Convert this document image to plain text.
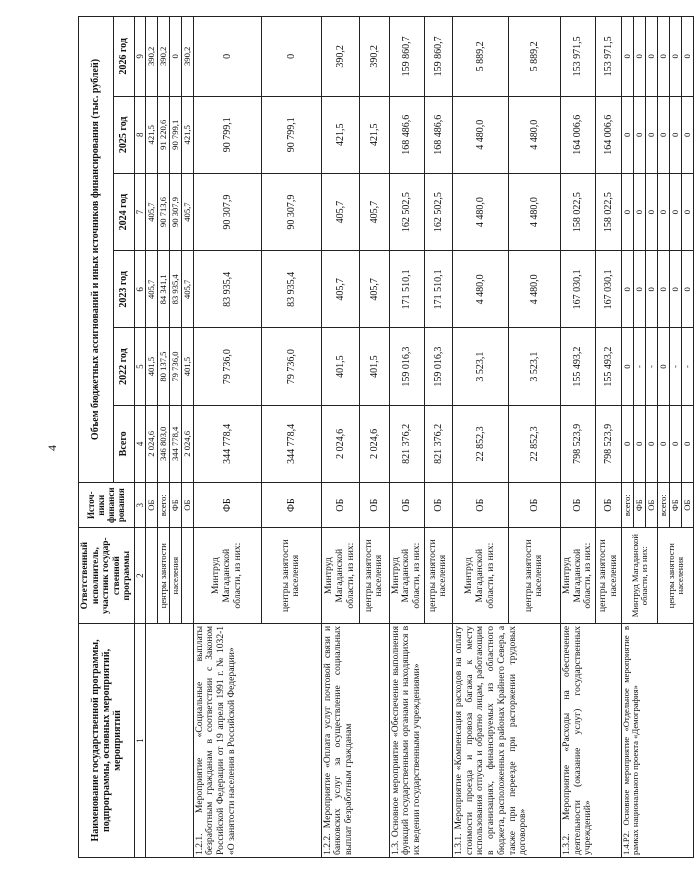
4
Наименование государственной программы, подпрограммы, основных мероприятий, мероприятий	Ответственный исполнитель, участник государ-ственной программы	Источ-ники финанси рования	Объем бюджетных ассигнований и иных источников финансирования (тыс. рублей)					
			Всего	2022 год	2023 год	2024 год	2025 год	2026 год
1	2	3	4	5	6	7	8	9
		ОБ	2 024,6	401,5	405,7	405,7	421,5	390,2
	центры занятости	всего:	346 803,0	80 137,5	84 341,1	90 713,6	91 220,6	390,2
	населения	ФБ	344 778,4	79 736,0	83 935,4	90 307,9	90 799,1	0
		ОБ	2 024,6	401,5	405,7	405,7	421,5	390,2
1.2.1. Мероприятие «Социальные выплаты безработным гражданам в соответствии с Законом Российской Федерации от 19 апреля 1991 г. № 1032-1 «О занятости населения в Российской Федерации»	Минтруд Магаданской области, из них:	ФБ	344 778,4	79 736,0	83 935,4	90 307,9	90 799,1	0
	центры занятости населения	ФБ	344 778,4	79 736,0	83 935,4	90 307,9	90 799,1	0
1.2.2. Мероприятие «Оплата услуг почтовой связи и банковских услуг за осуществление социальных выплат безработным гражданам	Минтруд Магаданской области, из них:	ОБ	2 024,6	401,5	405,7	405,7	421,5	390,2
	центры занятости населения	ОБ	2 024,6	401,5	405,7	405,7	421,5	390,2
1.3. Основное мероприятие «Обеспечение выполнения функций государственными органами и находящихся в их ведении государственными учреждениями»	Минтруд Магаданской области, из них:	ОБ	821 376,2	159 016,3	171 510,1	162 502,5	168 486,6	159 860,7
	центры занятости населения	ОБ	821 376,2	159 016,3	171 510,1	162 502,5	168 486,6	159 860,7
1.3.1. Мероприятие «Компенсация расходов на оплату стоимости проезда и провоза багажа к месту использования отпуска и обратно лицам, работающим в организациях, финансируемых из областного бюджета, расположенных в районах Крайнего Севера, а также при переезде при расторжении трудовых договоров»	Минтруд Магаданской области, из них:	ОБ	22 852,3	3 523,1	4 480,0	4 480,0	4 480,0	5 889,2
	центры занятости населения	ОБ	22 852,3	3 523,1	4 480,0	4 480,0	4 480,0	5 889,2
1.3.2. Мероприятие «Расходы на обеспечение деятельности (оказание услуг) государственных учреждений»	Минтруд Магаданской области, из них:	ОБ	798 523,9	155 493,2	167 030,1	158 022,5	164 006,6	153 971,5
	центры занятости населения	ОБ	798 523,9	155 493,2	167 030,1	158 022,5	164 006,6	153 971,5
1.4.Р2. Основное мероприятие «Отдельное мероприятие в рамках национального проекта «Демография»	Минтруд Магаданской области, из них:	всего:	0	0	0	0	0	0
		ФБ	0	-	0	0	0	0
		ОБ	0	-	0	0	0	0
	центры занятости населения	всего:	0	0	0	0	0	0
		ФБ	0	-	0	0	0	0
		ОБ	0	-	0	0	0	0
